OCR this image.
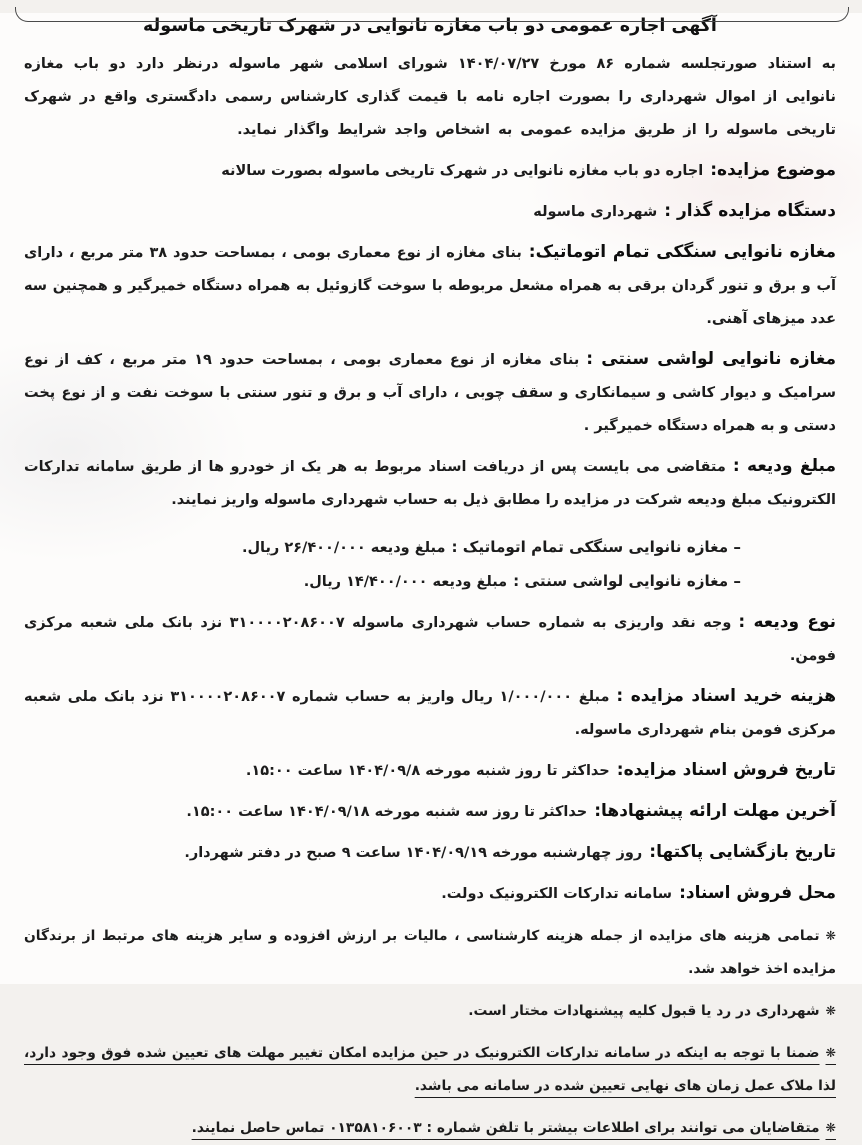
آگهی اجاره عمومی دو باب مغازه نانوایی در شهرک تاریخی ماسوله

به استناد صورتجلسه شماره ۸۶ مورخ ۱۴۰۴/۰۷/۲۷ شورای اسلامی شهر ماسوله درنظر دارد دو باب مغازه نانوایی از اموال شهرداری را بصورت اجاره نامه با قیمت گذاری کارشناس رسمی دادگستری واقع در شهرک تاریخی ماسوله را از طریق مزایده عمومی به اشخاص واجد شرایط واگذار نماید.

موضوع مزایده:اجاره دو باب مغازه نانوایی در شهرک تاریخی ماسوله بصورت سالانه

دستگاه مزایده گذار :شهرداری ماسوله

مغازه نانوایی سنگکی تمام اتوماتیک:بنای مغازه از نوع معماری بومی ، بمساحت حدود ۳۸ متر مربع ، دارای آب و برق و تنور گردان برقی به همراه مشعل مربوطه با سوخت گازوئیل به همراه دستگاه خمیرگیر و همچنین سه عدد میزهای آهنی.

مغازه نانوایی لواشی سنتی :بنای مغازه از نوع معماری بومی ، بمساحت حدود ۱۹ متر مربع ، کف از نوع سرامیک و دیوار کاشی و سیمانکاری و سقف چوبی ، دارای آب و برق و تنور سنتی با سوخت نفت و از نوع پخت دستی و به همراه دستگاه خمیرگیر .

مبلغ ودیعه :متقاضی می بایست پس از دریافت اسناد مربوط به هر یک از خودرو ها از طریق سامانه تدارکات الکترونیک مبلغ ودیعه شرکت در مزایده را مطابق ذیل به حساب شهرداری ماسوله واریز نمایند.

– مغازه نانوایی سنگکی تمام اتوماتیک :مبلغ ودیعه ۲۶/۴۰۰/۰۰۰ ریال.

– مغازه نانوایی لواشی سنتی :مبلغ ودیعه ۱۴/۴۰۰/۰۰۰ ریال.

نوع ودیعه :وجه نقد واریزی به شماره حساب شهرداری ماسوله ۳۱۰۰۰۰۲۰۸۶۰۰۷ نزد بانک ملی شعبه مرکزی فومن.

هزینه خرید اسناد مزایده :مبلغ ۱/۰۰۰/۰۰۰ ریال واریز به حساب شماره ۳۱۰۰۰۰۲۰۸۶۰۰۷ نزد بانک ملی شعبه مرکزی فومن بنام شهرداری ماسوله.

تاریخ فروش اسناد مزایده:حداکثر تا روز شنبه مورخه ۱۴۰۴/۰۹/۸ ساعت ۱۵:۰۰.

آخرین مهلت ارائه پیشنهادها:حداکثر تا روز سه شنبه مورخه ۱۴۰۴/۰۹/۱۸ ساعت ۱۵:۰۰.

تاریخ بازگشایی پاکتها:روز چهارشنبه مورخه ۱۴۰۴/۰۹/۱۹ ساعت ۹ صبح در دفتر شهردار.

محل فروش اسناد:سامانه تدارکات الکترونیک دولت.

❋تمامی هزینه های مزایده از جمله هزینه کارشناسی ، مالیات بر ارزش افزوده و سایر هزینه های مرتبط از برندگان مزایده اخذ خواهد شد.

❋شهرداری در رد یا قبول کلیه پیشنهادات مختار است.

❋ضمنا با توجه به اینکه در سامانه تدارکات الکترونیک در حین مزایده امکان تغییر مهلت های تعیین شده فوق وجود دارد، لذا ملاک عمل زمان های نهایی تعیین شده در سامانه می باشد.

❋متقاضایان می توانند برای اطلاعات بیشتر با تلفن شماره : ۰۱۳۵۸۱۰۶۰۰۳ تماس حاصل نمایند.
